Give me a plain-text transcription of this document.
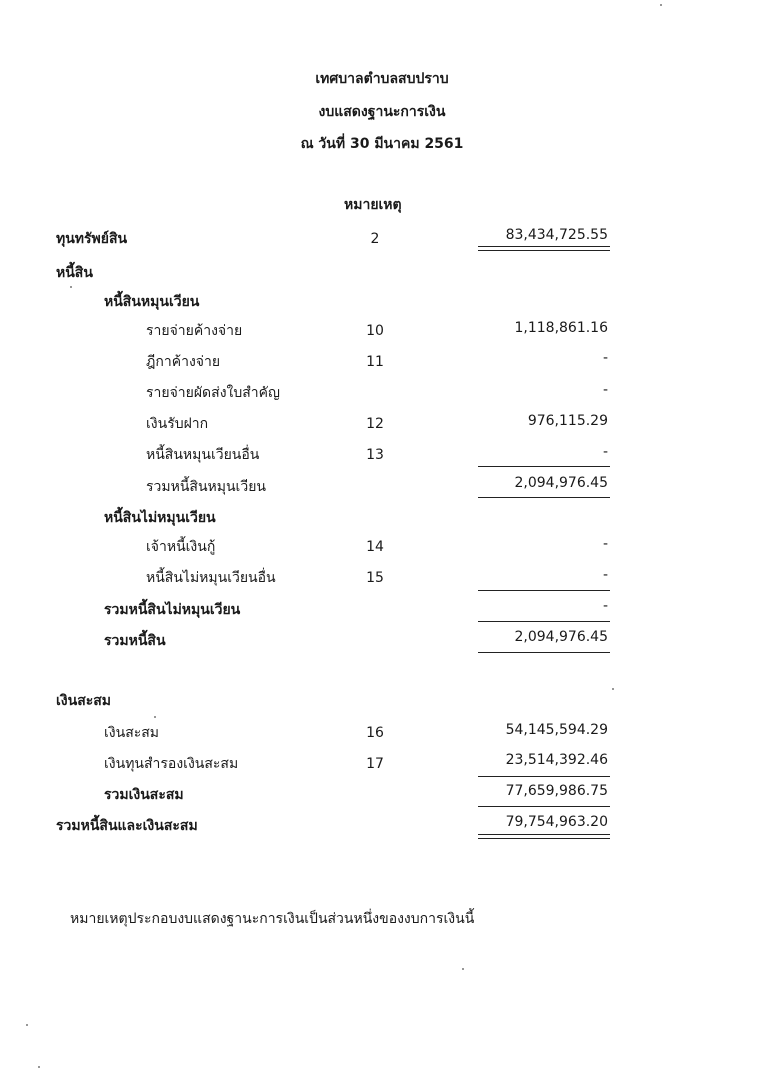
เทศบาลตำบลสบปราบ
งบแสดงฐานะการเงิน
ณ วันที่ 30 มีนาคม 2561
หมายเหตุ
ทุนทรัพย์สิน	2	83,434,725.55
หนี้สิน
หนี้สินหมุนเวียน
รายจ่ายค้างจ่าย	10	1,118,861.16
ฎีกาค้างจ่าย	11	-
รายจ่ายผัดส่งใบสำคัญ	-
เงินรับฝาก	12	976,115.29
หนี้สินหมุนเวียนอื่น	13	-
รวมหนี้สินหมุนเวียน	2,094,976.45
หนี้สินไม่หมุนเวียน
เจ้าหนี้เงินกู้	14	-
หนี้สินไม่หมุนเวียนอื่น	15	-
รวมหนี้สินไม่หมุนเวียน	-
รวมหนี้สิน	2,094,976.45
เงินสะสม
เงินสะสม	16	54,145,594.29
เงินทุนสำรองเงินสะสม	17	23,514,392.46
รวมเงินสะสม	77,659,986.75
รวมหนี้สินและเงินสะสม	79,754,963.20
หมายเหตุประกอบงบแสดงฐานะการเงินเป็นส่วนหนึ่งของงบการเงินนี้
